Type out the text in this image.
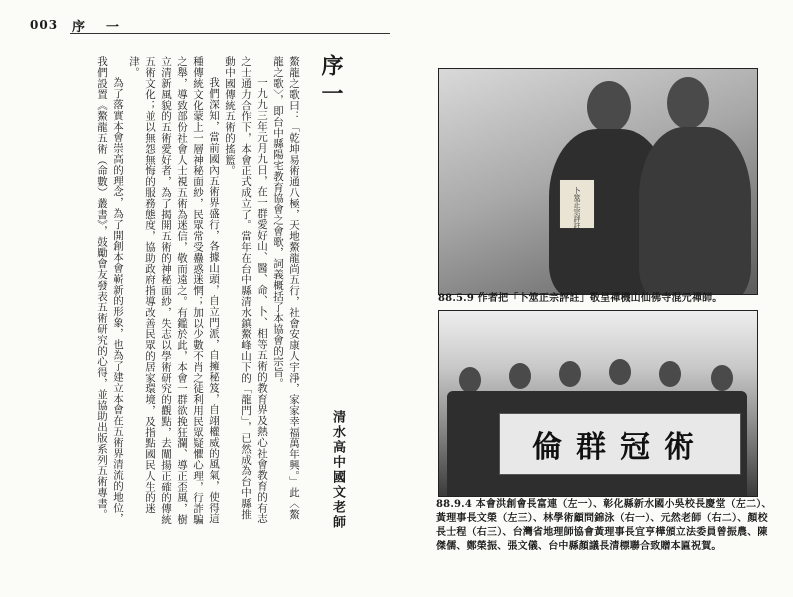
003 序　一
序一
清水高中國文老師

鰲龍之歌曰：「乾坤易術通八極，天地鰲龍尚五行，社會安康人宇淨，家家幸福萬年興。」此〈鰲龍之歌〉，即台中縣陽宅教育協會之會歌，詞義概括了本協會的宗旨。

一九九三年元月九日，在一群愛好山、醫、命、卜、相等五術的教育界及熱心社會教育的有志之士通力合作下，本會正式成立了。當年在台中縣清水鎮鰲峰山下的「龍門」，已然成為台中縣推動中國傳統五術的搖籃。

我們深知，當前國內五術界盛行，各據山頭，自立門派，自擁秘笈，自翊權威的風氣，使得這種傳統文化蒙上一層神秘面紗，民眾常受蠱惑迷惘；加以少數不肖之徒利用民眾疑懼心理，行詐騙之舉，導致部份社會人士視五術為迷信，敬而遠之。有鑑於此，本會一群欲挽狂瀾、導正歪風，樹立清新風貌的五術愛好者，為了揭開五術的神秘面紗，失志以學術研究的觀點，去闡揚正確的傳統五術文化；並以無怨無悔的服務態度，協助政府指導改善民眾的居家環境，及指點國民人生的迷津。

為了落實本會崇高的理念，為了開創本會嶄新的形象，也為了建立本會在五術界清流的地位，我們設置《鰲龍五術（命數）叢書》，鼓勵會友發表五術研究的心得，並協助出版系列五術專書。	卜筮正宗評註
88.5.9 作者把「卜筮正宗評註」敬呈禪機山仙佛寺混元禪師。
倫群冠術
88.9.4 本會洪創會長富連（左一）、彰化縣新水國小吳校長慶堂（左二）、黃理事長文榮（左三）、林學術顧問錦泳（右一）、元然老師（右二）、顏校長士程（右三）、台灣省地理師協會黃理事長宜亨樺頒立法委員曾振農、陳傑儒、鄭榮振、張文儀、台中縣顏議長清標聯合致贈本匾祝賀。
